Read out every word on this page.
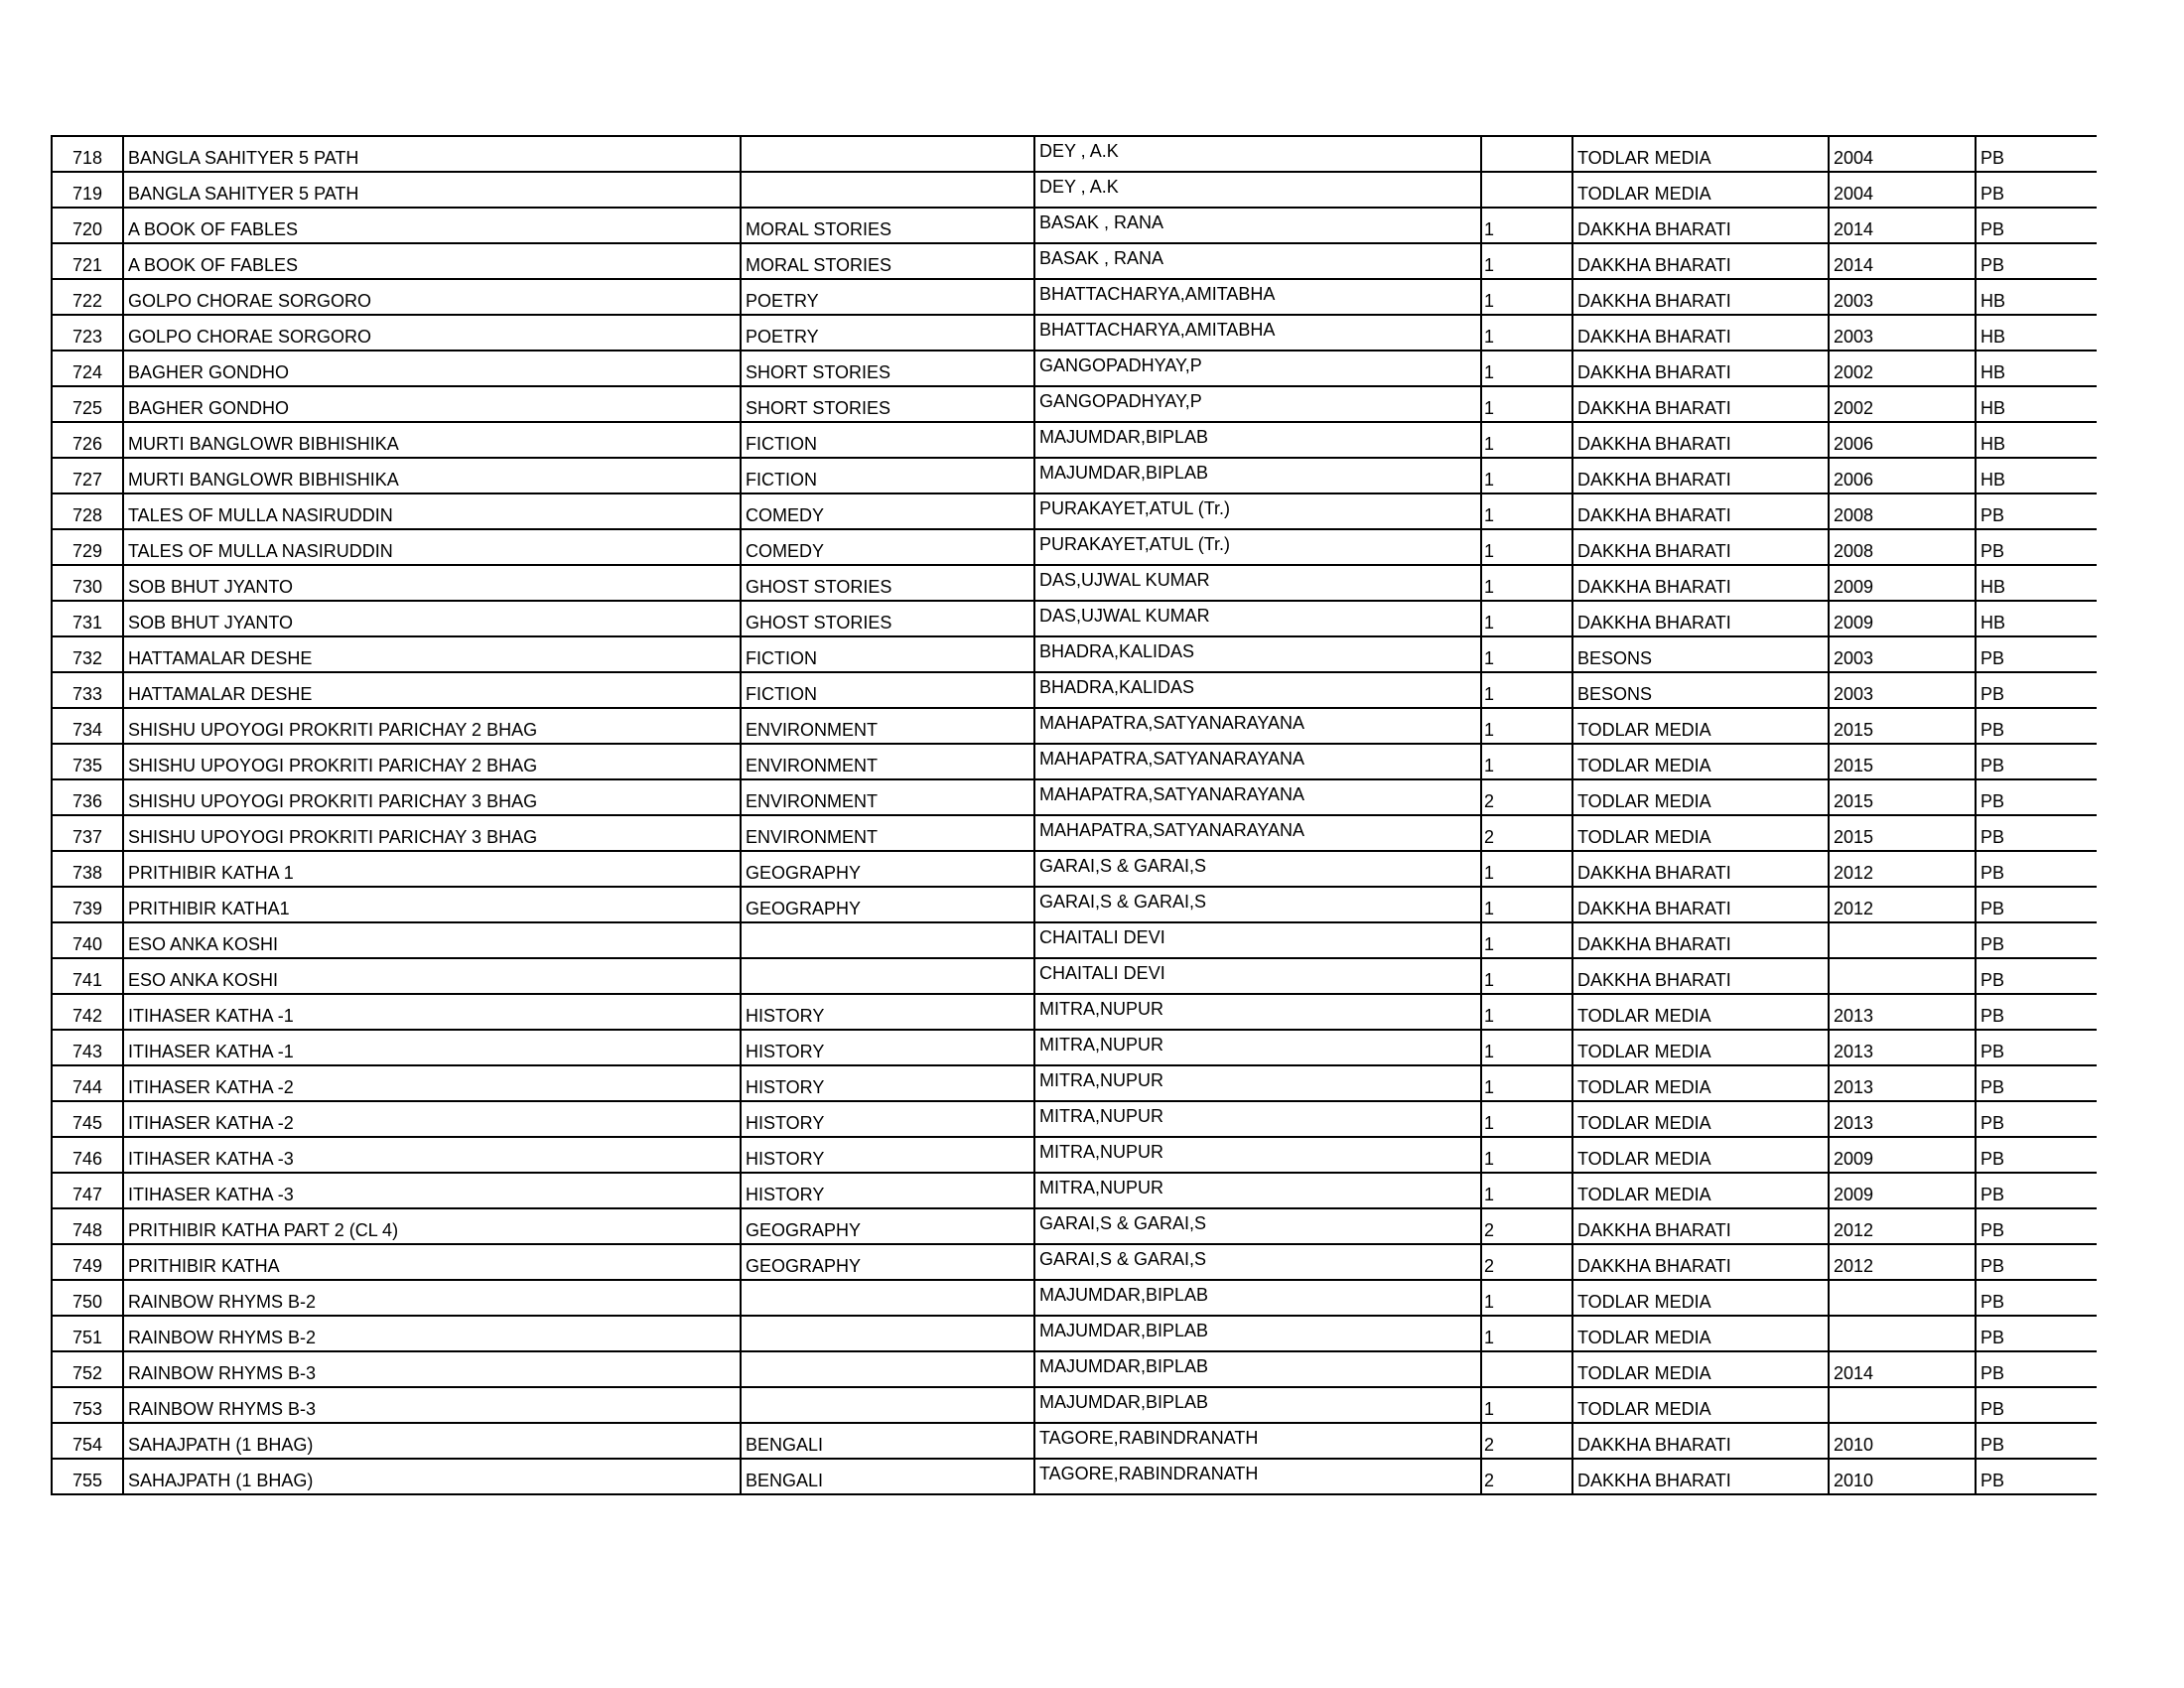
718	BANGLA SAHITYER 5 PATH		DEY , A.K		TODLAR MEDIA	2004	PB
719	BANGLA SAHITYER 5 PATH		DEY , A.K		TODLAR MEDIA	2004	PB
720	A BOOK OF FABLES	MORAL STORIES	BASAK , RANA	1	DAKKHA BHARATI	2014	PB
721	A BOOK OF FABLES	MORAL STORIES	BASAK , RANA	1	DAKKHA BHARATI	2014	PB
722	GOLPO CHORAE SORGORO	POETRY	BHATTACHARYA,AMITABHA	1	DAKKHA BHARATI	2003	HB
723	GOLPO CHORAE SORGORO	POETRY	BHATTACHARYA,AMITABHA	1	DAKKHA BHARATI	2003	HB
724	BAGHER GONDHO	SHORT STORIES	GANGOPADHYAY,P	1	DAKKHA BHARATI	2002	HB
725	BAGHER GONDHO	SHORT STORIES	GANGOPADHYAY,P	1	DAKKHA BHARATI	2002	HB
726	MURTI BANGLOWR BIBHISHIKA	FICTION	MAJUMDAR,BIPLAB	1	DAKKHA BHARATI	2006	HB
727	MURTI BANGLOWR BIBHISHIKA	FICTION	MAJUMDAR,BIPLAB	1	DAKKHA BHARATI	2006	HB
728	TALES OF MULLA NASIRUDDIN	COMEDY	PURAKAYET,ATUL (Tr.)	1	DAKKHA BHARATI	2008	PB
729	TALES OF MULLA NASIRUDDIN	COMEDY	PURAKAYET,ATUL (Tr.)	1	DAKKHA BHARATI	2008	PB
730	SOB BHUT JYANTO	GHOST STORIES	DAS,UJWAL KUMAR	1	DAKKHA BHARATI	2009	HB
731	SOB BHUT JYANTO	GHOST STORIES	DAS,UJWAL KUMAR	1	DAKKHA BHARATI	2009	HB
732	HATTAMALAR DESHE	FICTION	BHADRA,KALIDAS	1	BESONS	2003	PB
733	HATTAMALAR DESHE	FICTION	BHADRA,KALIDAS	1	BESONS	2003	PB
734	SHISHU UPOYOGI PROKRITI PARICHAY 2 BHAG	ENVIRONMENT	MAHAPATRA,SATYANARAYANA	1	TODLAR MEDIA	2015	PB
735	SHISHU UPOYOGI PROKRITI PARICHAY 2 BHAG	ENVIRONMENT	MAHAPATRA,SATYANARAYANA	1	TODLAR MEDIA	2015	PB
736	SHISHU UPOYOGI PROKRITI PARICHAY 3 BHAG	ENVIRONMENT	MAHAPATRA,SATYANARAYANA	2	TODLAR MEDIA	2015	PB
737	SHISHU UPOYOGI PROKRITI PARICHAY 3 BHAG	ENVIRONMENT	MAHAPATRA,SATYANARAYANA	2	TODLAR MEDIA	2015	PB
738	PRITHIBIR KATHA 1	GEOGRAPHY	GARAI,S & GARAI,S	1	DAKKHA BHARATI	2012	PB
739	PRITHIBIR KATHA1	GEOGRAPHY	GARAI,S & GARAI,S	1	DAKKHA BHARATI	2012	PB
740	ESO ANKA KOSHI		CHAITALI DEVI	1	DAKKHA BHARATI		PB
741	ESO ANKA KOSHI		CHAITALI DEVI	1	DAKKHA BHARATI		PB
742	ITIHASER KATHA -1	HISTORY	MITRA,NUPUR	1	TODLAR MEDIA	2013	PB
743	ITIHASER KATHA -1	HISTORY	MITRA,NUPUR	1	TODLAR MEDIA	2013	PB
744	ITIHASER KATHA -2	HISTORY	MITRA,NUPUR	1	TODLAR MEDIA	2013	PB
745	ITIHASER KATHA -2	HISTORY	MITRA,NUPUR	1	TODLAR MEDIA	2013	PB
746	ITIHASER KATHA -3	HISTORY	MITRA,NUPUR	1	TODLAR MEDIA	2009	PB
747	ITIHASER KATHA -3	HISTORY	MITRA,NUPUR	1	TODLAR MEDIA	2009	PB
748	PRITHIBIR KATHA PART 2 (CL 4)	GEOGRAPHY	GARAI,S & GARAI,S	2	DAKKHA BHARATI	2012	PB
749	PRITHIBIR KATHA	GEOGRAPHY	GARAI,S & GARAI,S	2	DAKKHA BHARATI	2012	PB
750	RAINBOW RHYMS B-2		MAJUMDAR,BIPLAB	1	TODLAR MEDIA		PB
751	RAINBOW RHYMS B-2		MAJUMDAR,BIPLAB	1	TODLAR MEDIA		PB
752	RAINBOW RHYMS B-3		MAJUMDAR,BIPLAB		TODLAR MEDIA	2014	PB
753	RAINBOW RHYMS B-3		MAJUMDAR,BIPLAB	1	TODLAR MEDIA		PB
754	SAHAJPATH (1 BHAG)	BENGALI	TAGORE,RABINDRANATH	2	DAKKHA BHARATI	2010	PB
755	SAHAJPATH (1 BHAG)	BENGALI	TAGORE,RABINDRANATH	2	DAKKHA BHARATI	2010	PB
